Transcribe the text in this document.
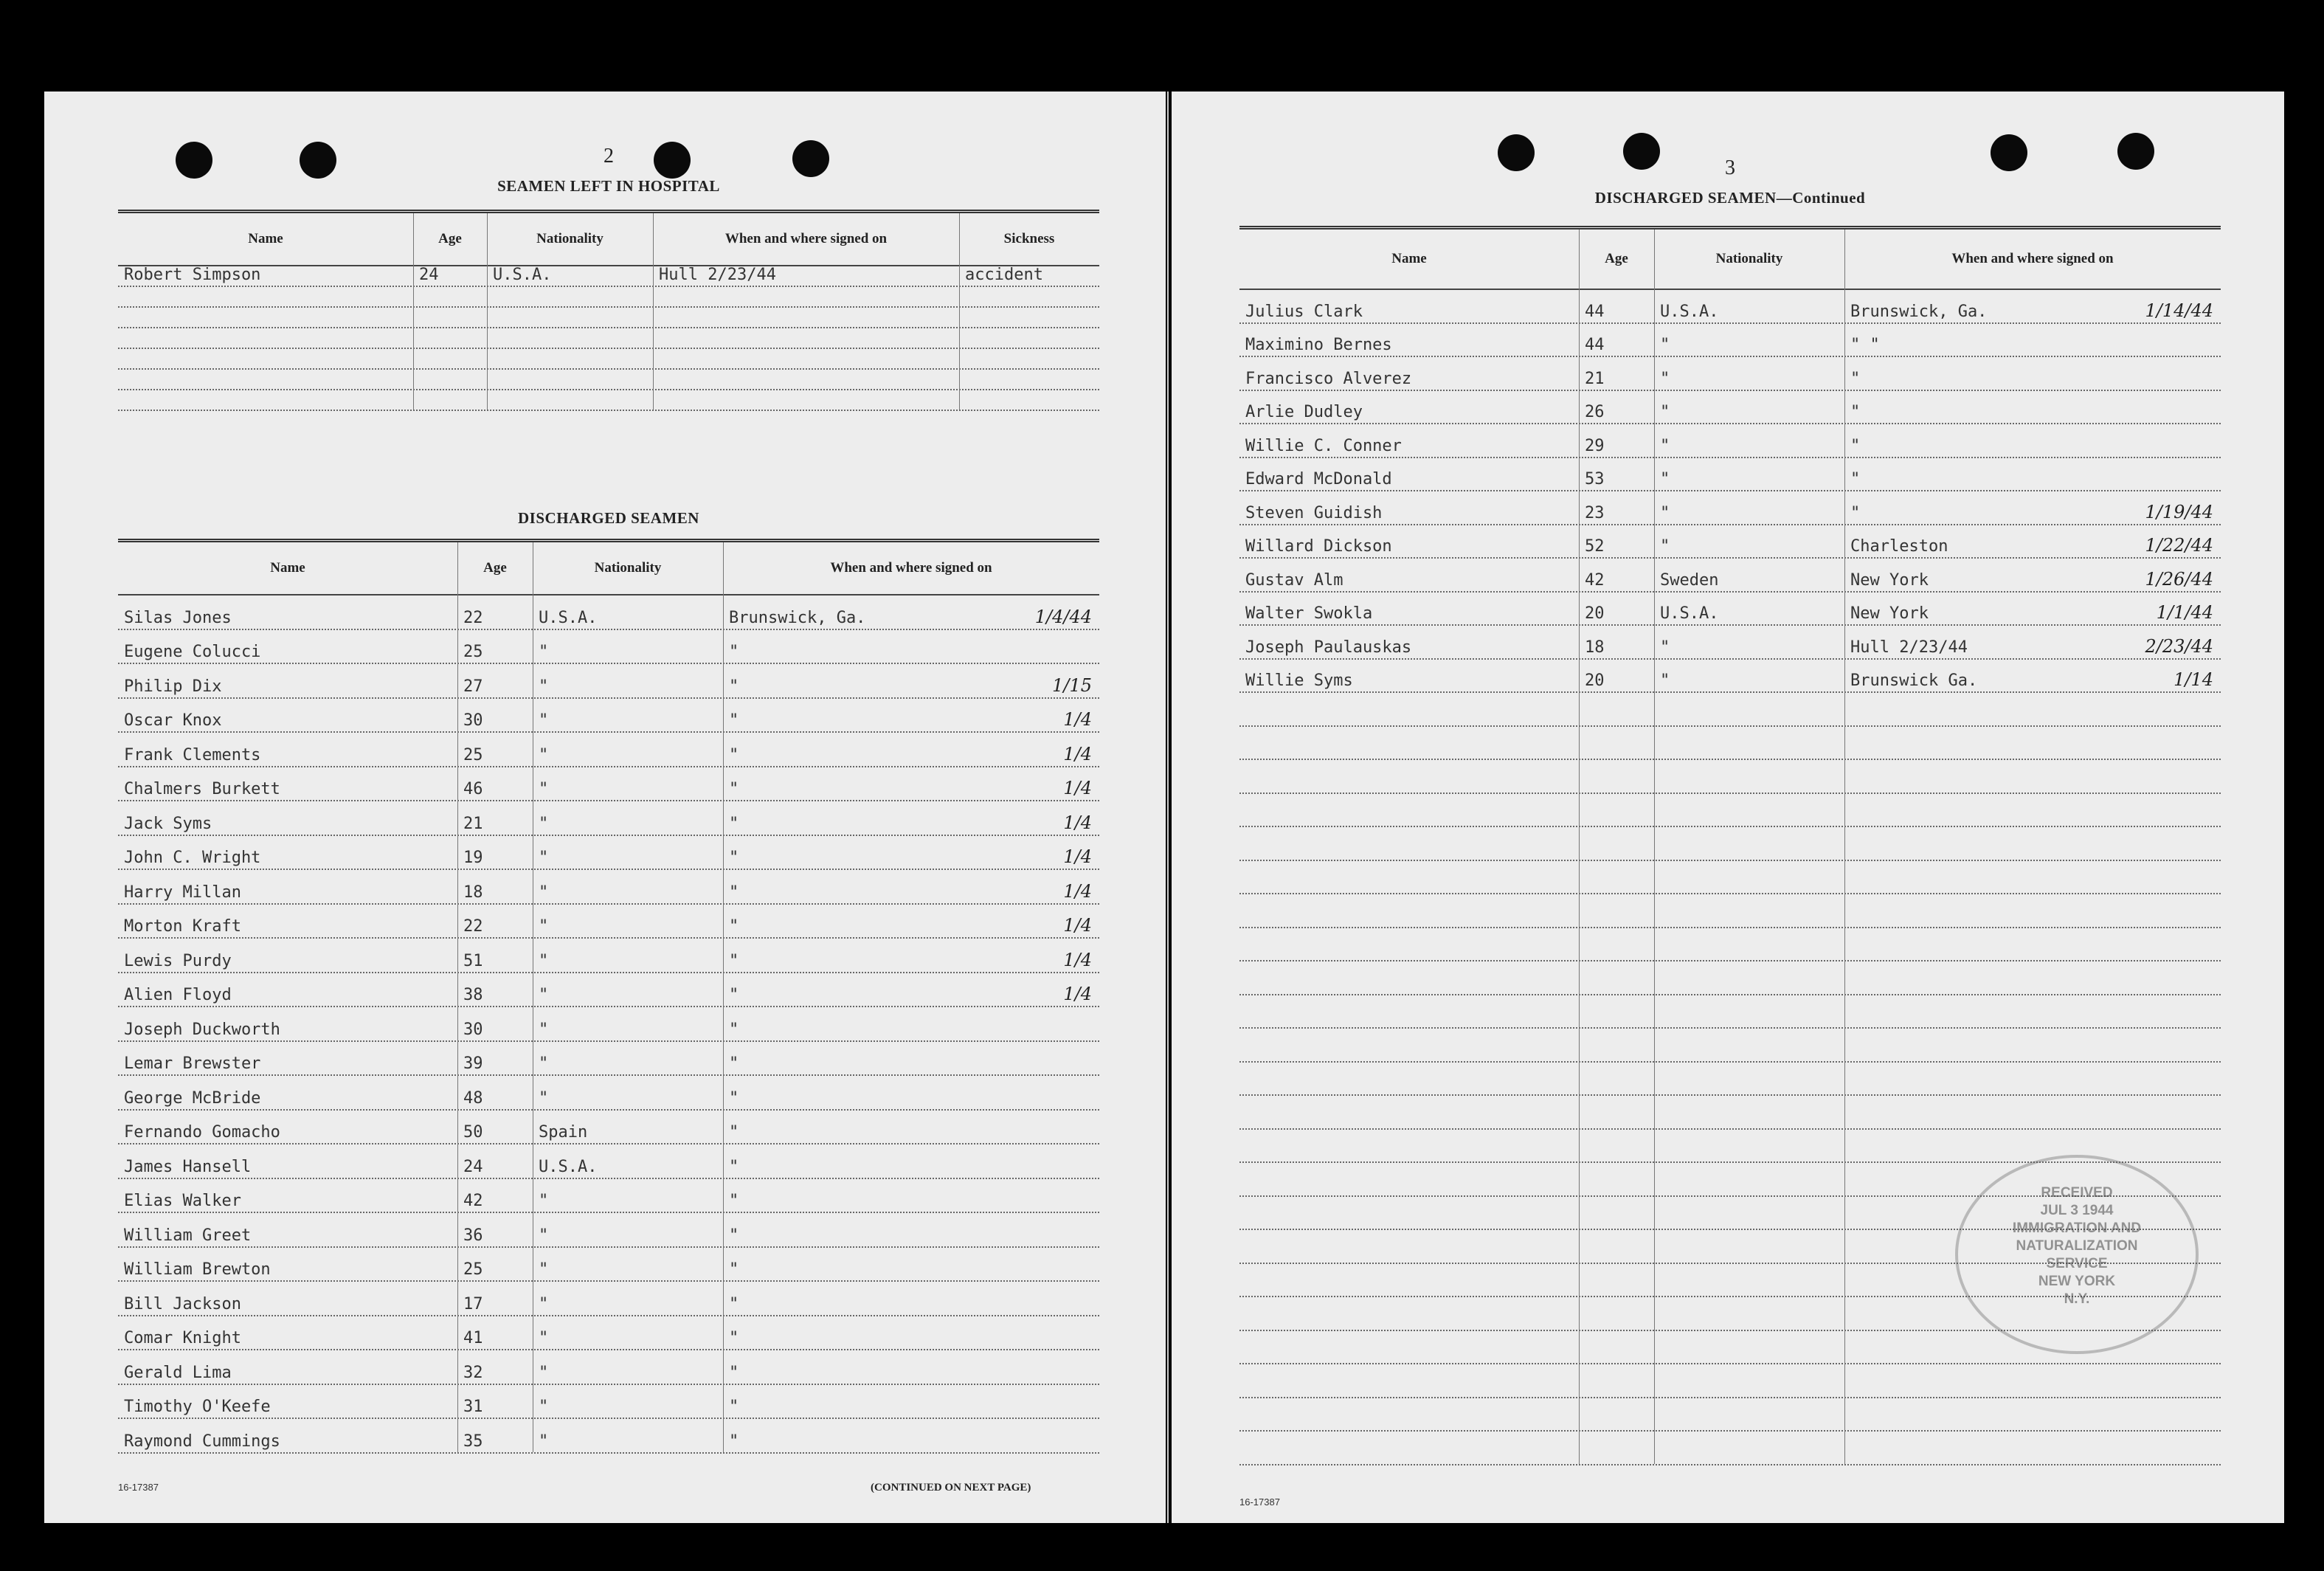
2
SEAMEN LEFT IN HOSPITAL
Name	Age	Nationality	When and where signed on	Sickness
Robert Simpson	24	U.S.A.	Hull 2/23/44	accident
DISCHARGED SEAMEN
Name	Age	Nationality	When and where signed on
Silas Jones	22	U.S.A.	Brunswick, Ga.	1/4/44
Eugene Colucci	25	"	"
Philip Dix	27	"	"	1/15
Oscar Knox	30	"	"	1/4
Frank Clements	25	"	"	1/4
Chalmers Burkett	46	"	"	1/4
Jack Syms	21	"	"	1/4
John C. Wright	19	"	"	1/4
Harry Millan	18	"	"	1/4
Morton Kraft	22	"	"	1/4
Lewis Purdy	51	"	"	1/4
Alien Floyd	38	"	"	1/4
Joseph Duckworth	30	"	"
Lemar Brewster	39	"	"
George McBride	48	"	"
Fernando Gomacho	50	Spain	"
James Hansell	24	U.S.A.	"
Elias Walker	42	"	"
William Greet	36	"	"
William Brewton	25	"	"
Bill Jackson	17	"	"
Comar Knight	41	"	"
Gerald Lima	32	"	"
Timothy O'Keefe	31	"	"
Raymond Cummings	35	"	"
16-17387	(CONTINUED ON NEXT PAGE)
3
DISCHARGED SEAMEN—Continued
Name	Age	Nationality	When and where signed on
Julius Clark	44	U.S.A.	Brunswick, Ga.	1/14/44
Maximino Bernes	44	"	" "
Francisco Alverez	21	"	"
Arlie Dudley	26	"	"
Willie C. Conner	29	"	"
Edward McDonald	53	"	"
Steven Guidish	23	"	"	1/19/44
Willard Dickson	52	"	Charleston	1/22/44
Gustav Alm	42	Sweden	New York	1/26/44
Walter Swokla	20	U.S.A.	New York	1/1/44
Joseph Paulauskas	18	"	Hull 2/23/44	2/23/44
Willie Syms	20	"	Brunswick Ga.	1/14
16-17387
RECEIVED
JUL 3 1944
IMMIGRATION AND
NATURALIZATION
SERVICE
NEW YORK
N.Y.
